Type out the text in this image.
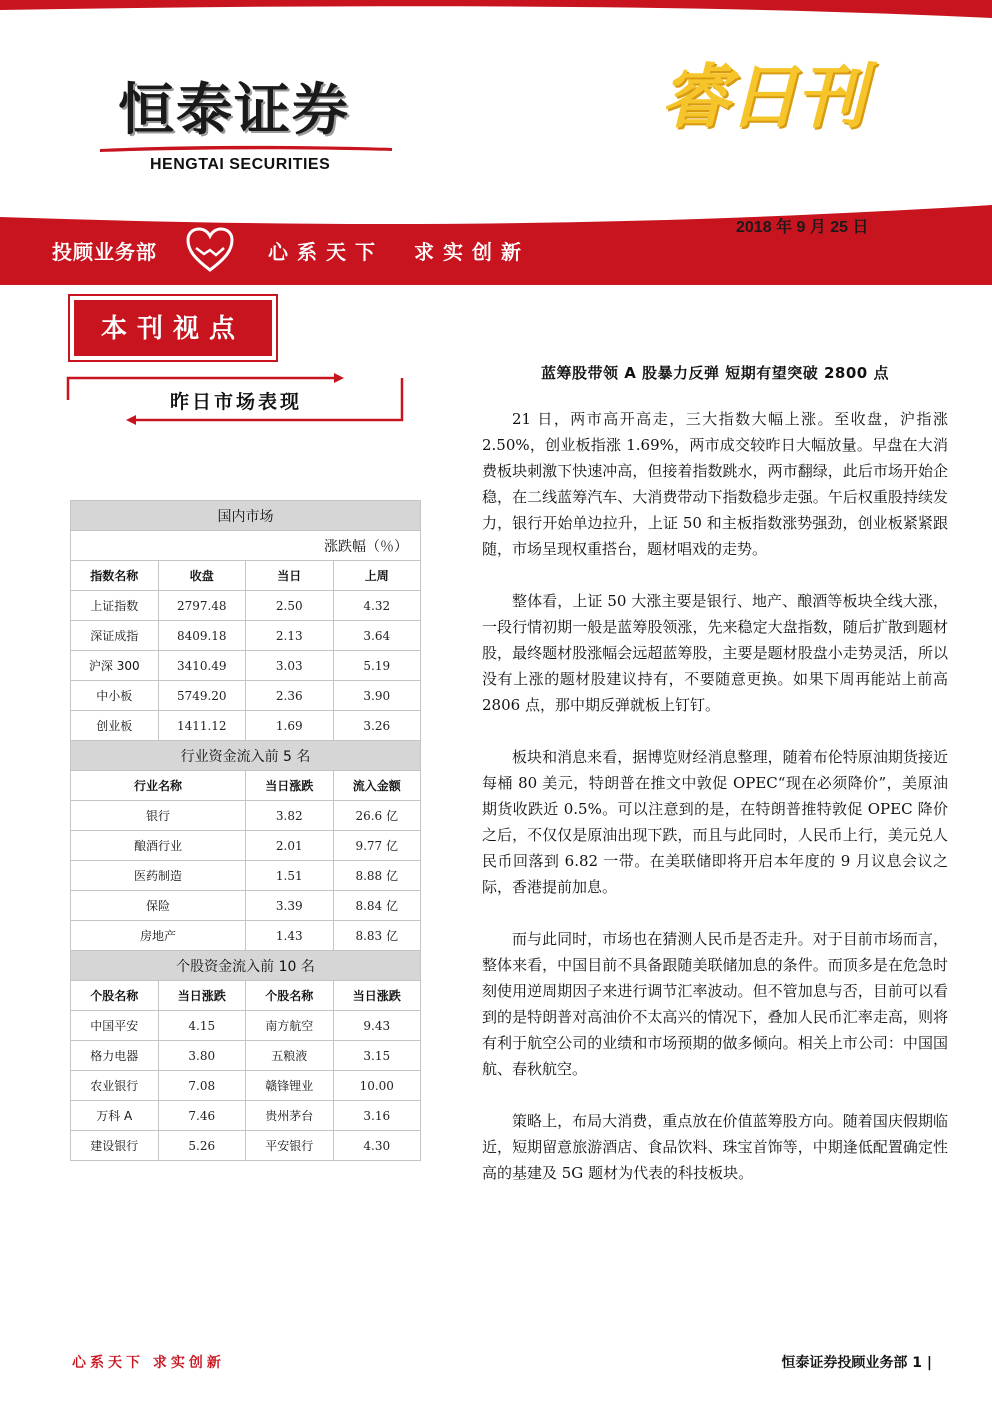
恒泰证券
HENGTAI SECURITIES
睿日刊
2018 年 9 月 25 日
投顾业务部	心系天下 求实创新
本刊视点
昨日市场表现
国内市场			
涨跌幅（％）			
指数名称	收盘	当日	上周
上证指数	2797.48	2.50	4.32
深证成指	8409.18	2.13	3.64
沪深 300	3410.49	3.03	5.19
中小板	5749.20	2.36	3.90
创业板	1411.12	1.69	3.26
行业资金流入前 5 名			
行业名称		当日涨跌	流入金额
银行		3.82	26.6 亿
酿酒行业		2.01	9.77 亿
医药制造		1.51	8.88 亿
保险		3.39	8.84 亿
房地产		1.43	8.83 亿
个股资金流入前 10 名			
个股名称	当日涨跌	个股名称	当日涨跌
中国平安	4.15	南方航空	9.43
格力电器	3.80	五粮液	3.15
农业银行	7.08	赣锋锂业	10.00
万科 A	7.46	贵州茅台	3.16
建设银行	5.26	平安银行	4.30
蓝筹股带领 A 股暴力反弹 短期有望突破 2800 点

21 日，两市高开高走，三大指数大幅上涨。至收盘，沪指涨 2.50%，创业板指涨 1.69%，两市成交较昨日大幅放量。早盘在大消费板块刺激下快速冲高，但接着指数跳水，两市翻绿，此后市场开始企稳，在二线蓝筹汽车、大消费带动下指数稳步走强。午后权重股持续发力，银行开始单边拉升，上证 50 和主板指数涨势强劲，创业板紧紧跟随，市场呈现权重搭台，题材唱戏的走势。

整体看，上证 50 大涨主要是银行、地产、酿酒等板块全线大涨，一段行情初期一般是蓝筹股领涨，先来稳定大盘指数，随后扩散到题材股，最终题材股涨幅会远超蓝筹股，主要是题材股盘小走势灵活，所以没有上涨的题材股建议持有，不要随意更换。如果下周再能站上前高 2806 点，那中期反弹就板上钉钉。

板块和消息来看，据博览财经消息整理，随着布伦特原油期货接近每桶 80 美元，特朗普在推文中敦促 OPEC“现在必须降价”，美原油期货收跌近 0.5%。可以注意到的是，在特朗普推特敦促 OPEC 降价之后，不仅仅是原油出现下跌，而且与此同时，人民币上行，美元兑人民币回落到 6.82 一带。在美联储即将开启本年度的 9 月议息会议之际，香港提前加息。

而与此同时，市场也在猜测人民币是否走升。对于目前市场而言，整体来看，中国目前不具备跟随美联储加息的条件。而顶多是在危急时刻使用逆周期因子来进行调节汇率波动。但不管加息与否，目前可以看到的是特朗普对高油价不太高兴的情况下，叠加人民币汇率走高，则将有利于航空公司的业绩和市场预期的做多倾向。相关上市公司：中国国航、春秋航空。

策略上，布局大消费，重点放在价值蓝筹股方向。随着国庆假期临近，短期留意旅游酒店、食品饮料、珠宝首饰等，中期逢低配置确定性高的基建及 5G 题材为代表的科技板块。

心系天下 求实创新	恒泰证券投顾业务部 1 |
